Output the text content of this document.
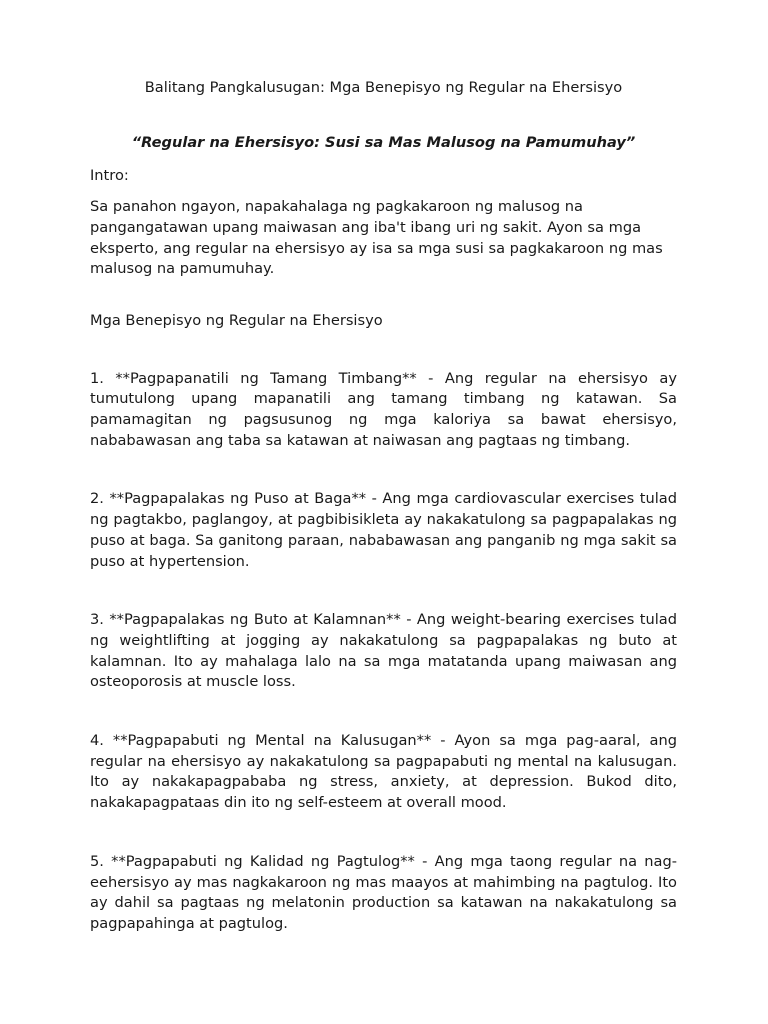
Balitang Pangkalusugan: Mga Benepisyo ng Regular na Ehersisyo

“Regular na Ehersisyo: Susi sa Mas Malusog na Pamumuhay”

Intro:

Sa panahon ngayon, napakahalaga ng pagkakaroon ng malusog na pangangatawan upang maiwasan ang iba't ibang uri ng sakit. Ayon sa mga eksperto, ang regular na ehersisyo ay isa sa mga susi sa pagkakaroon ng mas malusog na pamumuhay.

Mga Benepisyo ng Regular na Ehersisyo

1. **Pagpapanatili ng Tamang Timbang** - Ang regular na ehersisyo ay tumutulong upang mapanatili ang tamang timbang ng katawan. Sa pamamagitan ng pagsusunog ng mga kaloriya sa bawat ehersisyo, nababawasan ang taba sa katawan at naiwasan ang pagtaas ng timbang.

2. **Pagpapalakas ng Puso at Baga** - Ang mga cardiovascular exercises tulad ng pagtakbo, paglangoy, at pagbibisikleta ay nakakatulong sa pagpapalakas ng puso at baga. Sa ganitong paraan, nababawasan ang panganib ng mga sakit sa puso at hypertension.

3. **Pagpapalakas ng Buto at Kalamnan** - Ang weight-bearing exercises tulad ng weightlifting at jogging ay nakakatulong sa pagpapalakas ng buto at kalamnan. Ito ay mahalaga lalo na sa mga matatanda upang maiwasan ang osteoporosis at muscle loss.

4. **Pagpapabuti ng Mental na Kalusugan** - Ayon sa mga pag-aaral, ang regular na ehersisyo ay nakakatulong sa pagpapabuti ng mental na kalusugan. Ito ay nakakapagpababa ng stress, anxiety, at depression. Bukod dito, nakakapagpataas din ito ng self-esteem at overall mood.

5. **Pagpapabuti ng Kalidad ng Pagtulog** - Ang mga taong regular na nag-eehersisyo ay mas nagkakaroon ng mas maayos at mahimbing na pagtulog. Ito ay dahil sa pagtaas ng melatonin production sa katawan na nakakatulong sa pagpapahinga at pagtulog.
